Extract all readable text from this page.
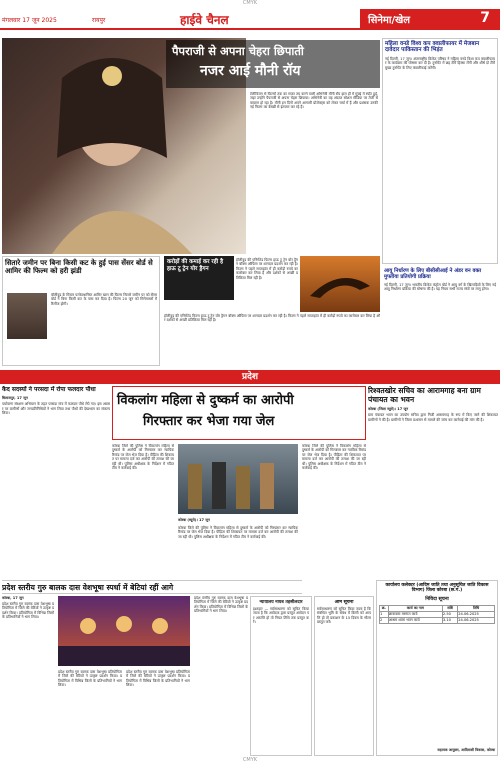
CMYK
मंगलवार 17 जून 2025	रायपुर	हाईवे चैनल	सिनेमा/खेल	7
पैपराजी से अपना चेहरा छिपाती
नजर आई मौनी रॉय
टेलीविजन से फिल्मों तक का सफर तय करने वाली अभिनेत्री मौनी रॉय हाल ही में मुंबई में स्पॉट हुईं, जहां उन्होंने पैपराजी से अपना चेहरा छिपाया। अभिनेत्री का यह अंदाज सोशल मीडिया पर तेजी से वायरल हो रहा है। मौनी इन दिनों अपने आगामी प्रोजेक्ट्स को लेकर चर्चा में हैं और प्रशंसक उनकी नई फिल्म का बेसब्री से इंतजार कर रहे हैं।
महिला वनडे विश्व कप क्वालीफायर में मेजबान दावेदार पाकिस्तान की भिड़ंत
नई दिल्ली, 17 जून। अंतरराष्ट्रीय क्रिकेट परिषद ने महिला वनडे विश्व कप क्वालीफायर के कार्यक्रम की घोषणा कर दी है। टूर्नामेंट में छह टीमें हिस्सा लेंगी और शीर्ष दो टीमें मुख्य टूर्नामेंट के लिए क्वालीफाई करेंगी।
आयु निर्धारण के लिए बीसीसीआई ने अंडर वन वक्त मुफ्तीया प्रतियोगी प्रक्रिया
नई दिल्ली, 17 जून। भारतीय क्रिकेट कंट्रोल बोर्ड ने आयु वर्ग के खिलाड़ियों के लिए नई आयु निर्धारण प्रक्रिया की घोषणा की है। यह नियम सभी राज्य संघों पर लागू होगा।
सितारे जमीन पर बिना किसी कट के हुई पास सेंसर बोर्ड से आमिर की फिल्म को हरी झंडी
बॉलीवुड के मिस्टर परफेक्शनिस्ट आमिर खान की फिल्म सितारे जमीन पर को सेंसर बोर्ड ने बिना किसी कट के पास कर दिया है। फिल्म 20 जून को सिनेमाघरों में रिलीज होगी।
करोड़ों की कमाई कर रही है हाऊ टू ट्रेन योर ड्रैगन
हॉलीवुड की एनिमेटेड फिल्म हाऊ टू ट्रेन योर ड्रैगन बॉक्स ऑफिस पर शानदार प्रदर्शन कर रही है। फिल्म ने पहले सप्ताहांत में ही करोड़ों रुपये का कारोबार कर लिया है और दर्शकों से अच्छी प्रतिक्रिया मिल रही है।
हॉलीवुड की एनिमेटेड फिल्म हाऊ टू ट्रेन योर ड्रैगन बॉक्स ऑफिस पर शानदार प्रदर्शन कर रही है। फिल्म ने पहले सप्ताहांत में ही करोड़ों रुपये का कारोबार कर लिया है और दर्शकों से अच्छी प्रतिक्रिया मिल रही है।
प्रदेश
कैद सदस्यों ने परसदा में रोपा फलदार पौधा
बिलासपुर, 17 जून
पर्यावरण संरक्षण अभियान के तहत परसदा गांव में फलदार पौधे रोपे गए। इस अवसर पर ग्रामीणों और जनप्रतिनिधियों ने भाग लिया तथा पौधों की देखभाल का संकल्प लिया।
विकलांग महिला से दुष्कर्म का आरोपी
गिरफ्तार कर भेजा गया जेल
कोरबा जिले की पुलिस ने विकलांग महिला से दुष्कर्म के आरोपी को गिरफ्तार कर न्यायिक रिमांड पर जेल भेज दिया है। पीड़िता की शिकायत पर मामला दर्ज कर आरोपी की तलाश की जा रही थी। पुलिस अधीक्षक के निर्देशन में गठित टीम ने कार्रवाई की।
कोरबा जिले की पुलिस ने विकलांग महिला से दुष्कर्म के आरोपी को गिरफ्तार कर न्यायिक रिमांड पर जेल भेज दिया है। पीड़िता की शिकायत पर मामला दर्ज कर आरोपी की तलाश की जा रही थी। पुलिस अधीक्षक के निर्देशन में गठित टीम ने कार्रवाई की।
कोरबा (ब्यूरो)। 17 जून
कोरबा जिले की पुलिस ने विकलांग महिला से दुष्कर्म के आरोपी को गिरफ्तार कर न्यायिक रिमांड पर जेल भेज दिया है। पीड़िता की शिकायत पर मामला दर्ज कर आरोपी की तलाश की जा रही थी। पुलिस अधीक्षक के निर्देशन में गठित टीम ने कार्रवाई की।
रिश्वतखोर सचिव का आरामगाह बना ग्राम पंचायत का भवन
कोरबा (जिला ब्यूरो)। 17 जून
ग्राम पंचायत भवन का उपयोग सचिव द्वारा निजी आरामगाह के रूप में किए जाने की शिकायत ग्रामीणों ने की है। ग्रामीणों ने जिला प्रशासन से मामले की जांच कर कार्रवाई की मांग की है।
प्रदेश स्तरीय गुरु बालक दास वेशभूषा स्पर्धा में बेटियां रहीं आगे
कोरबा, 17 जून
प्रदेश स्तरीय गुरु बालक दास वेशभूषा प्रतियोगिता में जिले की बेटियों ने उत्कृष्ट प्रदर्शन किया। प्रतियोगिता में विभिन्न जिलों के प्रतिभागियों ने भाग लिया।
प्रदेश स्तरीय गुरु बालक दास वेशभूषा प्रतियोगिता में जिले की बेटियों ने उत्कृष्ट प्रदर्शन किया। प्रतियोगिता में विभिन्न जिलों के प्रतिभागियों ने भाग लिया।
प्रदेश स्तरीय गुरु बालक दास वेशभूषा प्रतियोगिता में जिले की बेटियों ने उत्कृष्ट प्रदर्शन किया। प्रतियोगिता में विभिन्न जिलों के प्रतिभागियों ने भाग लिया।
प्रदेश स्तरीय गुरु बालक दास वेशभूषा प्रतियोगिता में जिले की बेटियों ने उत्कृष्ट प्रदर्शन किया। प्रतियोगिता में विभिन्न जिलों के प्रतिभागियों ने भाग लिया।
न्यायालय नायब तहसीलदार
इश्तहार — सर्वसाधारण को सूचित किया जाता है कि आवेदक द्वारा प्रस्तुत आवेदन पर आपत्ति हो तो नियत तिथि तक प्रस्तुत करें।
आम सूचना
सर्वसाधारण को सूचित किया जाता है कि संबंधित भूमि के संबंध में किसी को आपत्ति हो तो प्रकाशन के 15 दिवस के भीतर प्रस्तुत करें।
कार्यालय कलेक्टर (आदिम जाति तथा अनुसूचित जाति विकास विभाग) जिला कोरबा (छ.ग.)
निविदा सूचना
क्र.	कार्य का नाम	राशि	तिथि
1	छात्रावास मरम्मत कार्य	2.50	24.06.2025
2	आश्रम शाला भवन कार्य	3.10	24.06.2025
सहायक आयुक्त, आदिवासी विकास, कोरबा
CMYK
